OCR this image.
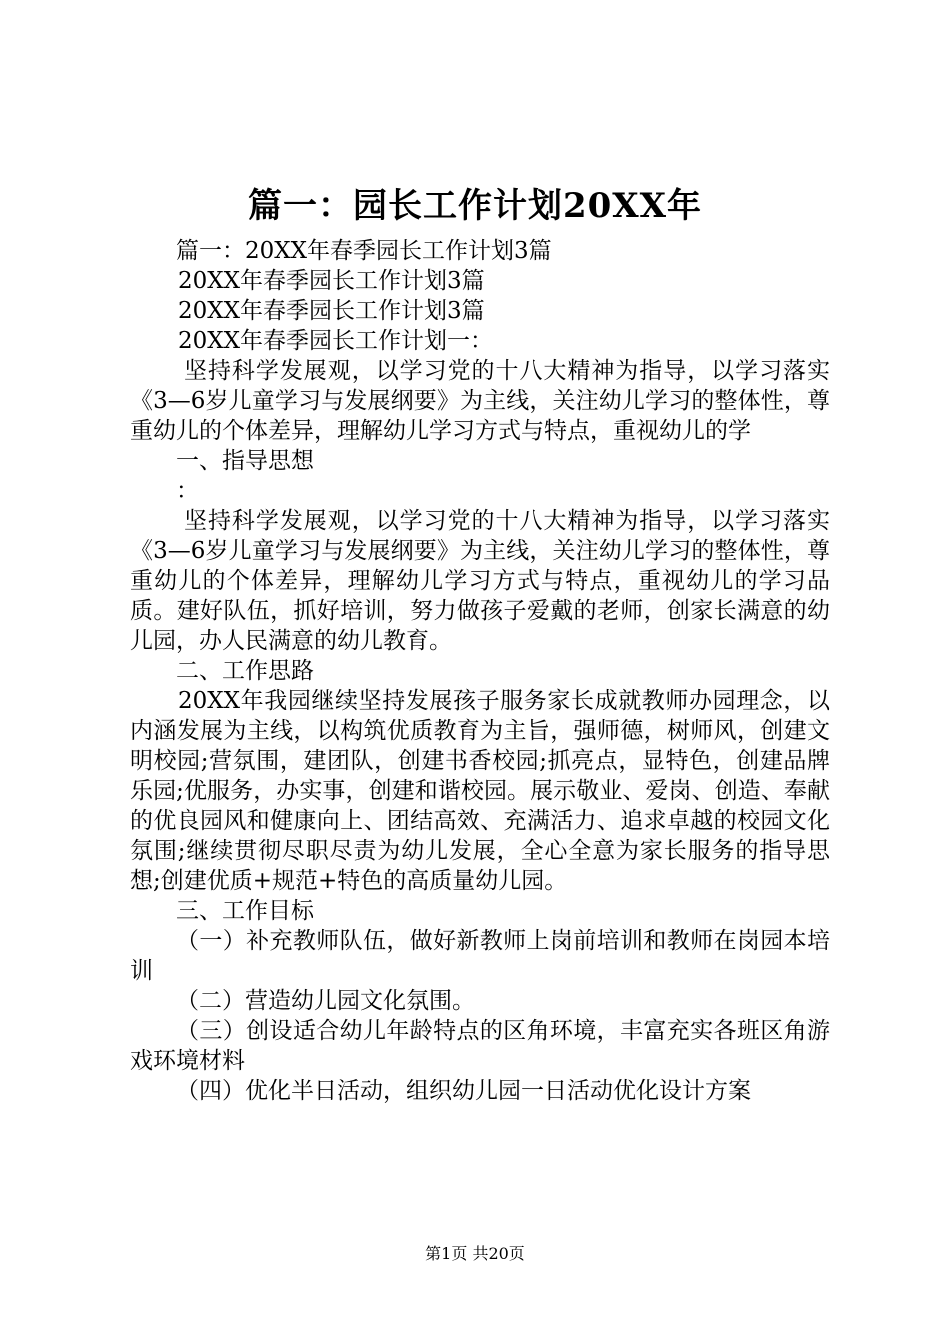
篇一：园长工作计划20XX年

篇一：20XX年春季园长工作计划3篇

20XX年春季园长工作计划3篇

20XX年春季园长工作计划3篇

20XX年春季园长工作计划一：

坚持科学发展观，以学习党的十八大精神为指导，以学习落实《3—6岁儿童学习与发展纲要》为主线，关注幼儿学习的整体性，尊重幼儿的个体差异，理解幼儿学习方式与特点，重视幼儿的学

一、指导思想

：

坚持科学发展观，以学习党的十八大精神为指导，以学习落实《3—6岁儿童学习与发展纲要》为主线，关注幼儿学习的整体性，尊重幼儿的个体差异，理解幼儿学习方式与特点，重视幼儿的学习品质。建好队伍，抓好培训，努力做孩子爱戴的老师，创家长满意的幼儿园，办人民满意的幼儿教育。

二、工作思路

20XX年我园继续坚持发展孩子服务家长成就教师办园理念，以内涵发展为主线，以构筑优质教育为主旨，强师德，树师风，创建文明校园;营氛围，建团队，创建书香校园;抓亮点，显特色，创建品牌乐园;优服务，办实事，创建和谐校园。展示敬业、爱岗、创造、奉献的优良园风和健康向上、团结高效、充满活力、追求卓越的校园文化氛围;继续贯彻尽职尽责为幼儿发展，全心全意为家长服务的指导思想;创建优质+规范+特色的高质量幼儿园。

三、工作目标

（一）补充教师队伍，做好新教师上岗前培训和教师在岗园本培训

（二）营造幼儿园文化氛围。

（三）创设适合幼儿年龄特点的区角环境，丰富充实各班区角游戏环境材料

（四）优化半日活动，组织幼儿园一日活动优化设计方案

第1页 共20页
